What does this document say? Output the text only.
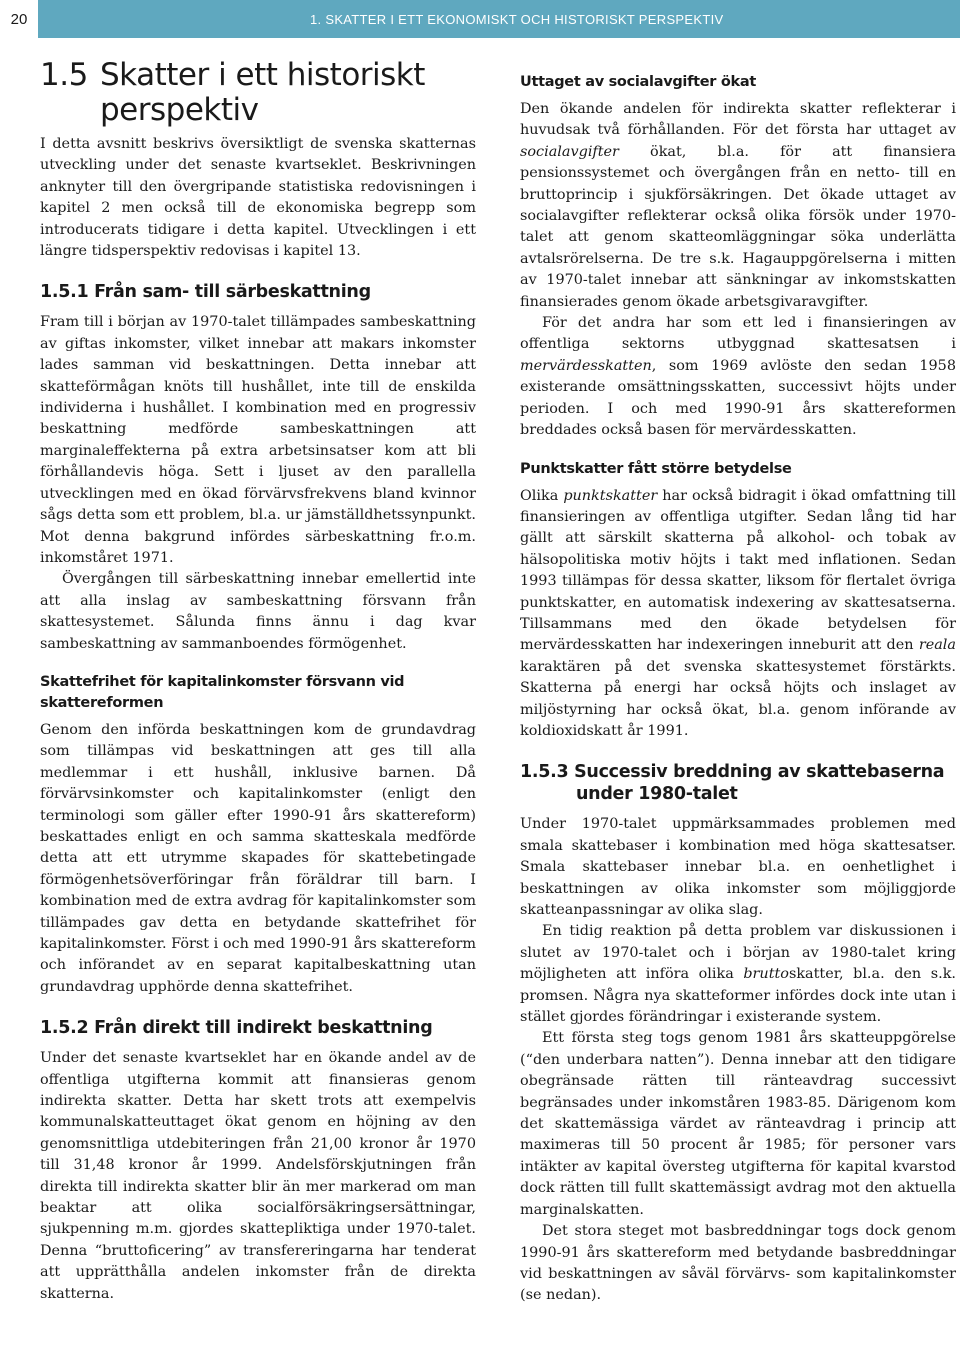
20	1. SKATTER I ETT EKONOMISKT OCH HISTORISKT PERSPEKTIV
1.5 Skatter i ett historiskt perspektiv

I detta avsnitt beskrivs översiktligt de svenska skatternas utveckling under det senaste kvartseklet. Beskrivningen anknyter till den övergripande statistiska redovisningen i kapitel 2 men också till de ekonomiska begrepp som introducerats tidigare i detta kapitel. Utvecklingen i ett längre tidsperspektiv redovisas i kapitel 13.

1.5.1 Från sam- till särbeskattning

Fram till i början av 1970-talet tillämpades sambeskattning av giftas inkomster, vilket innebar att makars inkomster lades samman vid beskattningen. Detta innebar att skatteförmågan knöts till hushållet, inte till de enskilda individerna i hushållet. I kombination med en progressiv beskattning medförde sambeskattningen att marginaleffekterna på extra arbetsinsatser kom att bli förhållandevis höga. Sett i ljuset av den parallella utvecklingen med en ökad förvärvsfrekvens bland kvinnor sågs detta som ett problem, bl.a. ur jämställdhetssynpunkt. Mot denna bakgrund infördes särbeskattning fr.o.m. inkomståret 1971.

Övergången till särbeskattning innebar emellertid inte att alla inslag av sambeskattning försvann från skattesystemet. Sålunda finns ännu i dag kvar sambeskattning av sammanboendes förmögenhet.

Skattefrihet för kapitalinkomster försvann vid skattereformen

Genom den införda beskattningen kom de grundavdrag som tillämpas vid beskattningen att ges till alla medlemmar i ett hushåll, inklusive barnen. Då förvärvsinkomster och kapitalinkomster (enligt den terminologi som gäller efter 1990-91 års skattereform) beskattades enligt en och samma skatteskala medförde detta att ett utrymme skapades för skattebetingade förmögenhetsöverföringar från föräldrar till barn. I kombination med de extra avdrag för kapitalinkomster som tillämpades gav detta en betydande skattefrihet för kapitalinkomster. Först i och med 1990-91 års skattereform och införandet av en separat kapitalbeskattning utan grundavdrag upphörde denna skattefrihet.

1.5.2 Från direkt till indirekt beskattning

Under det senaste kvartseklet har en ökande andel av de offentliga utgifterna kommit att finansieras genom indirekta skatter. Detta har skett trots att exempelvis kommunalskatteuttaget ökat genom en höjning av den genomsnittliga utdebiteringen från 21,00 kronor år 1970 till 31,48 kronor år 1999. Andelsförskjutningen från direkta till indirekta skatter blir än mer markerad om man beaktar att olika socialförsäkringsersättningar, sjukpenning m.m. gjordes skattepliktiga under 1970-talet. Denna “bruttoficering” av transfereringarna har tenderat att upprätthålla andelen inkomster från de direkta skatterna.

Uttaget av socialavgifter ökat

Den ökande andelen för indirekta skatter reflekterar i huvudsak två förhållanden. För det första har uttaget av socialavgifter ökat, bl.a. för att finansiera pensionssystemet och övergången från en netto- till en bruttoprincip i sjukförsäkringen. Det ökade uttaget av socialavgifter reflekterar också olika försök under 1970-talet att genom skatteomläggningar söka underlätta avtalsrörelserna. De tre s.k. Hagauppgörelserna i mitten av 1970-talet innebar att sänkningar av inkomstskatten finansierades genom ökade arbetsgivaravgifter.

För det andra har som ett led i finansieringen av offentliga sektorns utbyggnad skattesatsen i mervärdesskatten, som 1969 avlöste den sedan 1958 existerande omsättningsskatten, successivt höjts under perioden. I och med 1990-91 års skattereformen breddades också basen för mervärdesskatten.

Punktskatter fått större betydelse

Olika punktskatter har också bidragit i ökad omfattning till finansieringen av offentliga utgifter. Sedan lång tid har gällt att särskilt skatterna på alkohol- och tobak av hälsopolitiska motiv höjts i takt med inflationen. Sedan 1993 tillämpas för dessa skatter, liksom för flertalet övriga punktskatter, en automatisk indexering av skattesatserna. Tillsammans med den ökade betydelsen för mervärdesskatten har indexeringen inneburit att den reala karaktären på det svenska skattesystemet förstärkts. Skatterna på energi har också höjts och inslaget av miljöstyrning har också ökat, bl.a. genom införande av koldioxidskatt år 1991.

1.5.3 Successiv breddning av skattebaserna under 1980-talet

Under 1970-talet uppmärksammades problemen med smala skattebaser i kombination med höga skattesatser. Smala skattebaser innebar bl.a. en oenhetlighet i beskattningen av olika inkomster som möjliggjorde skatteanpassningar av olika slag.

En tidig reaktion på detta problem var diskussionen i slutet av 1970-talet och i början av 1980-talet kring möjligheten att införa olika bruttoskatter, bl.a. den s.k. promsen. Några nya skatteformer infördes dock inte utan i stället gjordes förändringar i existerande system.

Ett första steg togs genom 1981 års skatteuppgörelse (“den underbara natten”). Denna innebar att den tidigare obegränsade rätten till ränteavdrag successivt begränsades under inkomståren 1983-85. Därigenom kom det skattemässiga värdet av ränteavdrag i princip att maximeras till 50 procent år 1985; för personer vars intäkter av kapital översteg utgifterna för kapital kvarstod dock rätten till fullt skattemässigt avdrag mot den aktuella marginalskatten.

Det stora steget mot basbreddningar togs dock genom 1990-91 års skattereform med betydande basbreddningar vid beskattningen av såväl förvärvs- som kapitalinkomster (se nedan).
